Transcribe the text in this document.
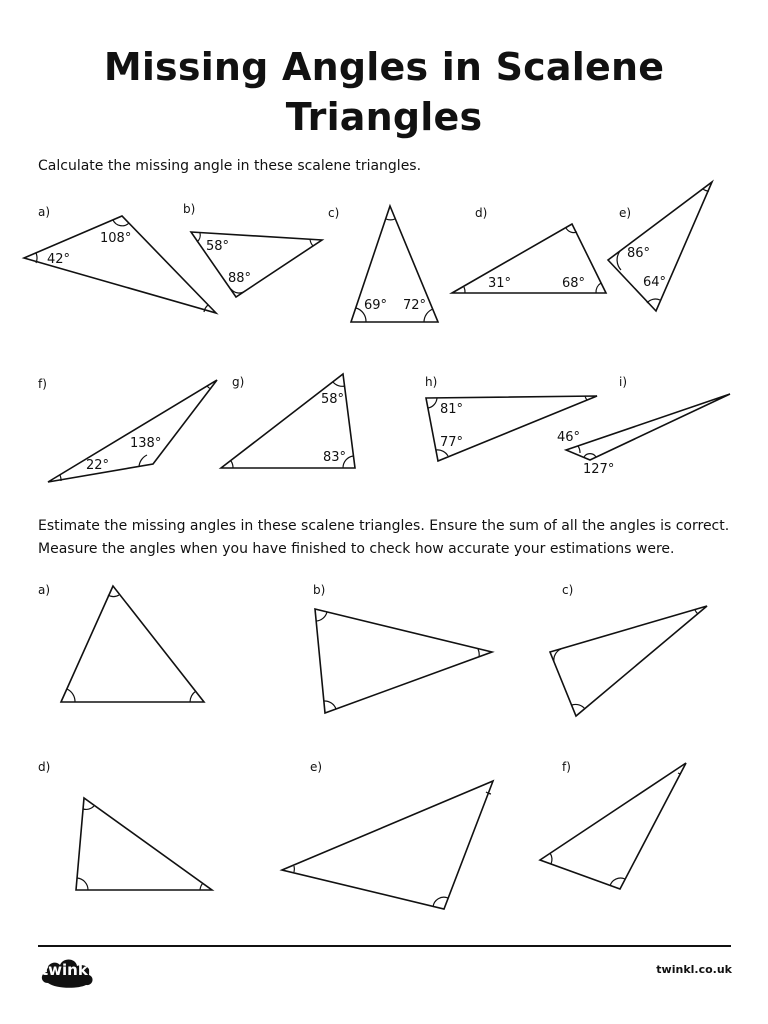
Missing Angles in Scalene
Triangles
Calculate the missing angle in these scalene triangles.
a)	b)	c)	d)	e)
f)	g)	h)	i)
Estimate the missing angles in these scalene triangles. Ensure the sum of all the angles is correct.
Measure the angles when you have finished to check how accurate your estimations were.
a)	b)	c)
d)	e)	f)
108°
42°
58°
88°
69° 72°
31°	68°
86°
64°
138°
22°
58°
83°
81°
77°	46°
127°
twinkl	twinkl.co.uk
